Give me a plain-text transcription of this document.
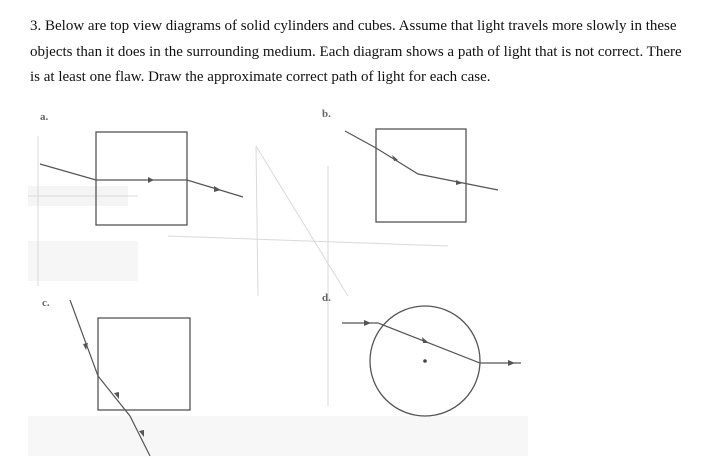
3. Below are top view diagrams of solid cylinders and cubes. Assume that light travels more slowly in these objects than it does in the surrounding medium. Each diagram shows a path of light that is not correct. There is at least one flaw. Draw the approximate correct path of light for each case.
a.	b.
c.	d.
